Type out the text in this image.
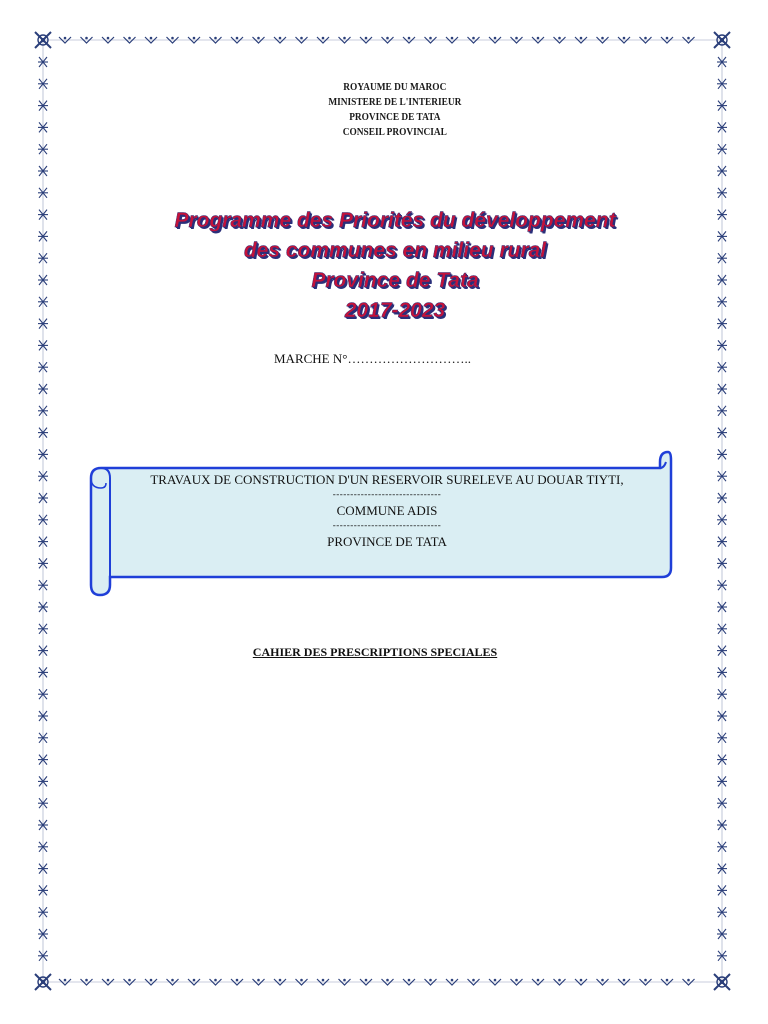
ROYAUME DU MAROC
MINISTERE DE L'INTERIEUR
PROVINCE DE TATA
CONSEIL PROVINCIAL
Programme des Priorités du développement
des communes en milieu rural
Province de Tata
2017-2023
MARCHE N°………………………..
TRAVAUX DE CONSTRUCTION D'UN RESERVOIR SURELEVE AU DOUAR TIYTI,
-------------------------------
COMMUNE ADIS
-------------------------------
PROVINCE DE TATA
CAHIER DES PRESCRIPTIONS SPECIALES
